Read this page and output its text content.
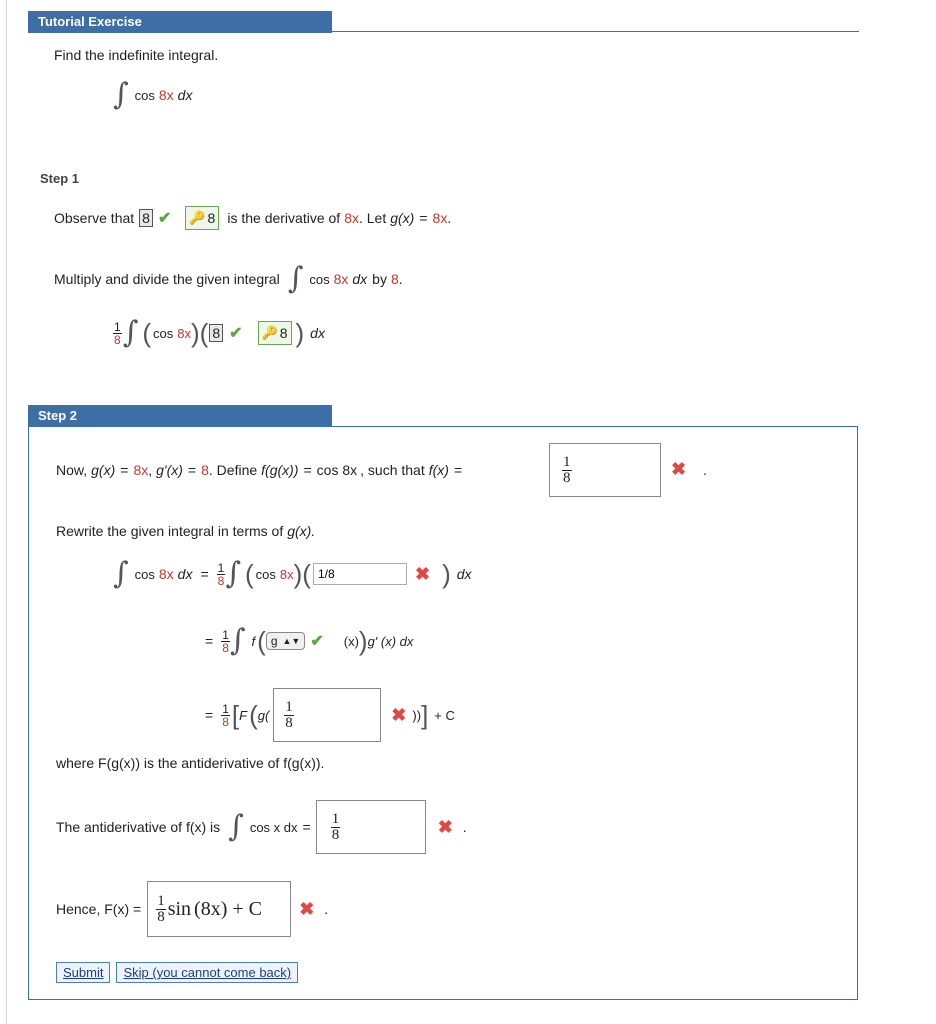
Tutorial Exercise
Find the indefinite integral.
∫ cos 8x dx
Step 1
Observe that 8 ✔ 🔑 8 is the derivative of 8x . Let g(x) = 8x .
Multiply and divide the given integral ∫ cos 8x dx by 8 .
$\frac{1}{8}$ ∫ ( cos 8x ) ( 8 ✔ 🔑 8 ) dx
Step 2
Now, g(x) = 8x , g'(x) = 8 . Define f(g(x)) = cos 8x , such that f(x) =	$\frac{1}{8}$	✖ .
Rewrite the given integral in terms of g(x).
∫ cos 8x dx = $\frac{1}{8}$ ∫ ( cos 8x ) (
1/8	✖ ) dx
= $\frac{1}{8}$ ∫ f ( g ▲▼ ✔ (x) ) g' (x) dx
= $\frac{1}{8}$ [ F ( $g( \frac{1}{8}$	✖ )) ] + C
where F(g(x)) is the antiderivative of f(g(x)).
The antiderivative of f(x) is ∫ cos x dx = $\frac{1}{8}$	✖ .
Hence, $F(x) = \frac{1}{8}$ sin (8x) + C ✖ .
Submit	Skip (you cannot come back)
